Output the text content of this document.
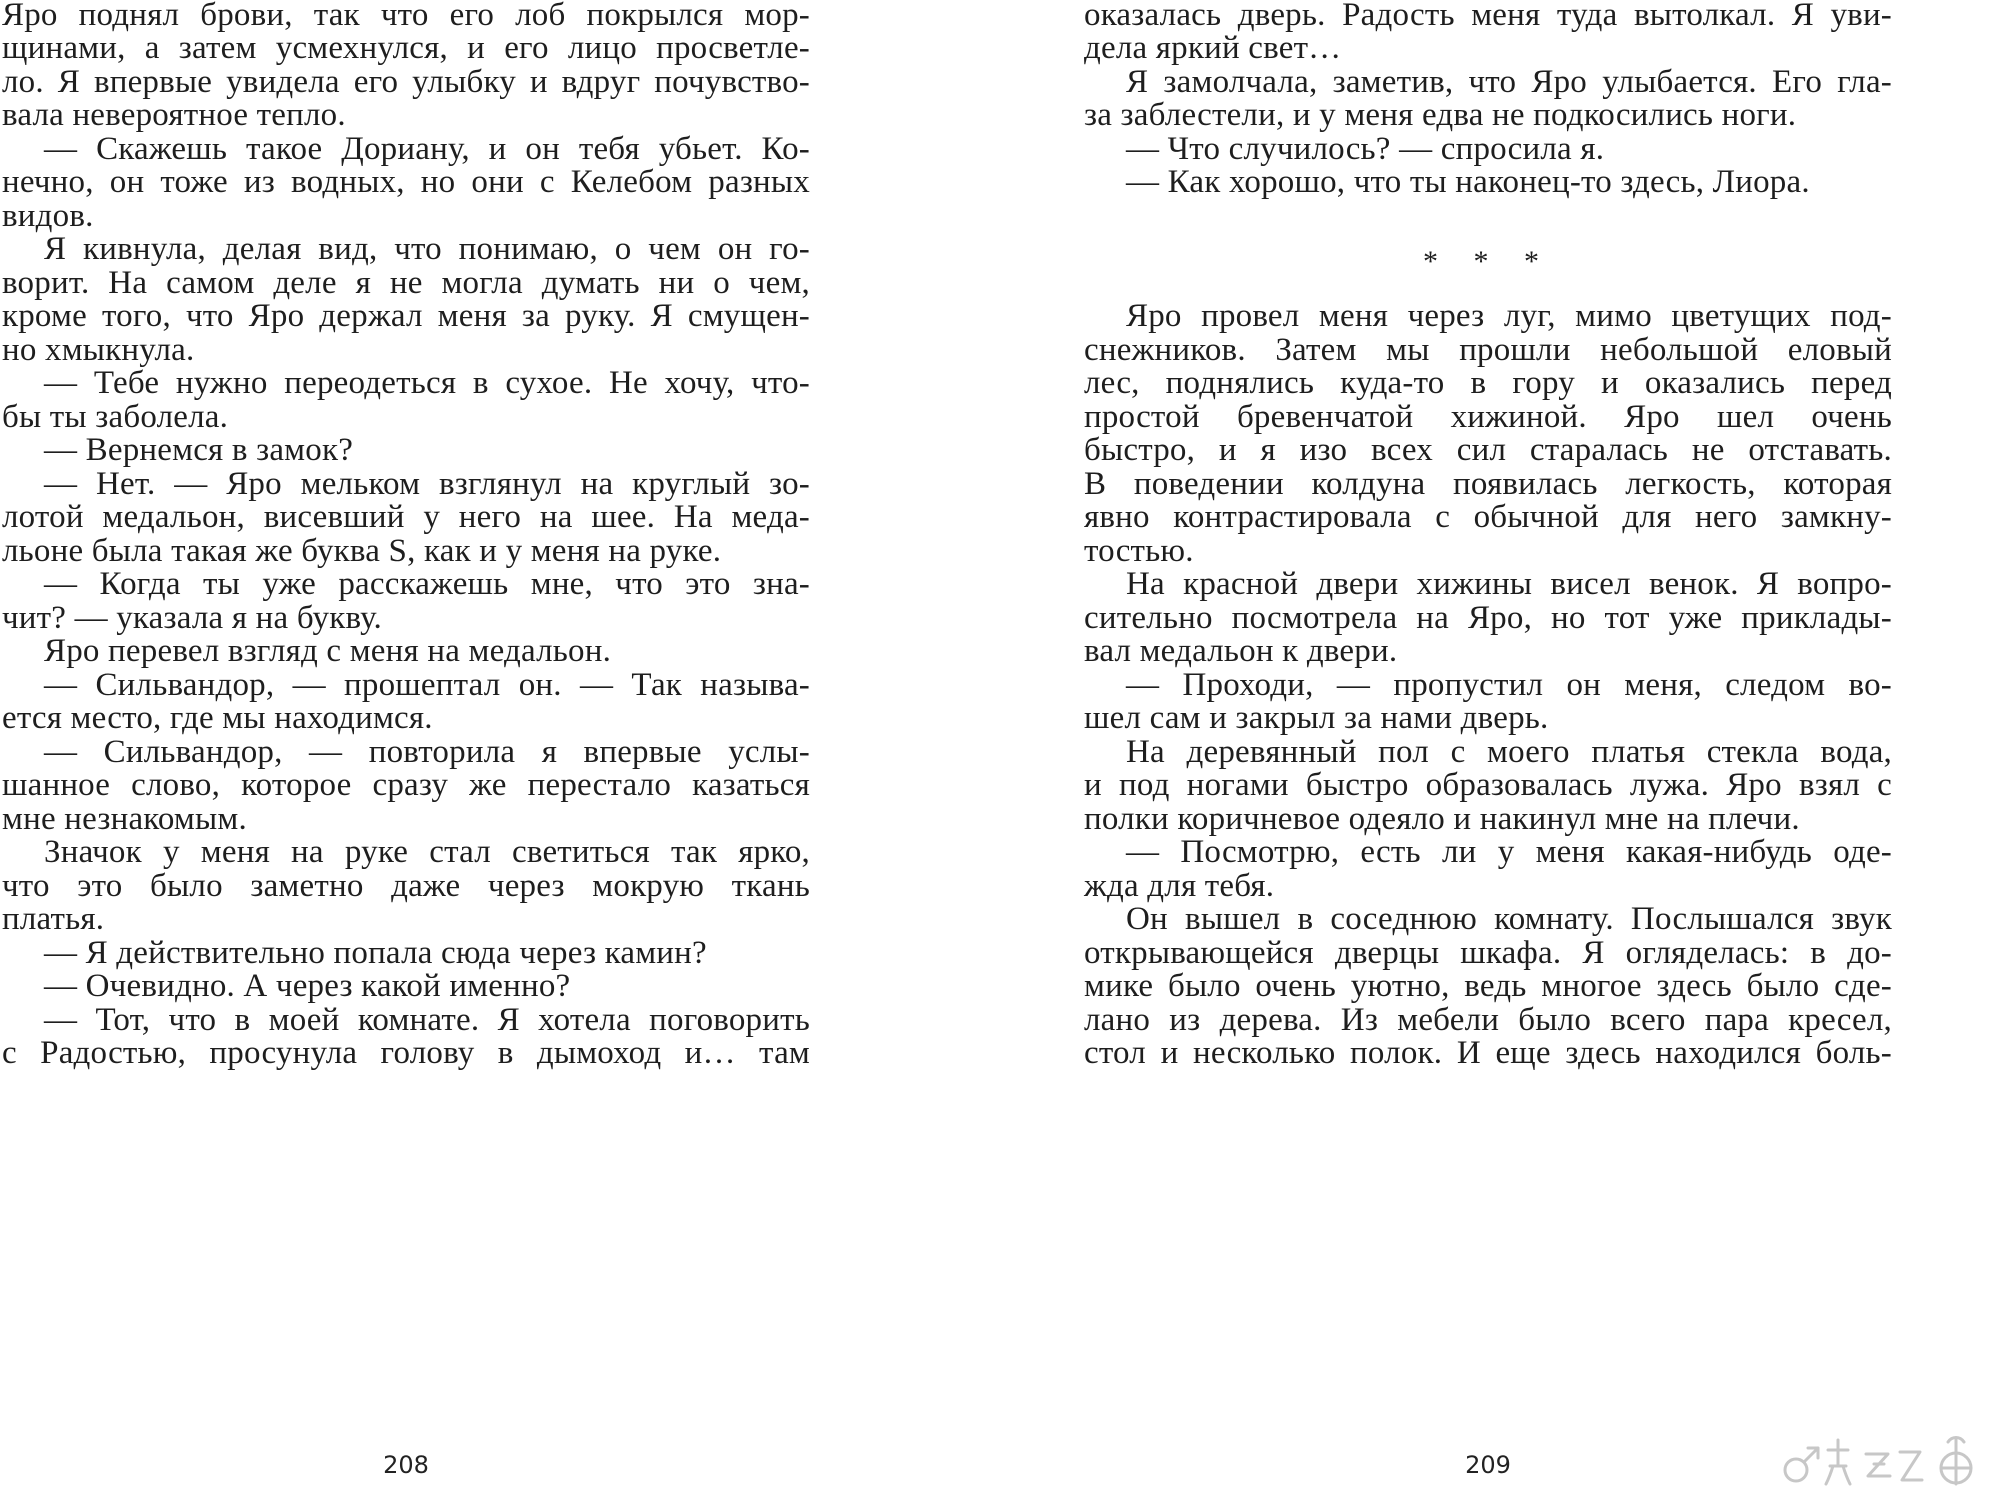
Яро поднял брови, так что его лоб покрылся мор-
щинами, а затем усмехнулся, и его лицо просветле-
ло. Я впервые увидела его улыбку и вдруг почувство-
вала невероятное тепло.
— Скажешь такое Дориану, и он тебя убьет. Ко-
нечно, он тоже из водных, но они с Келебом разных
видов.
Я кивнула, делая вид, что понимаю, о чем он го-
ворит. На самом деле я не могла думать ни о чем,
кроме того, что Яро держал меня за руку. Я смущен-
но хмыкнула.
— Тебе нужно переодеться в сухое. Не хочу, что-
бы ты заболела.
— Вернемся в замок?
— Нет. — Яро мельком взглянул на круглый зо-
лотой медальон, висевший у него на шее. На меда-
льоне была такая же буква S, как и у меня на руке.
— Когда ты уже расскажешь мне, что это зна-
чит? — указала я на букву.
Яро перевел взгляд с меня на медальон.
— Сильвандор, — прошептал он. — Так называ-
ется место, где мы находимся.
— Сильвандор, — повторила я впервые услы-
шанное слово, которое сразу же перестало казаться
мне незнакомым.
Значок у меня на руке стал светиться так ярко,
что это было заметно даже через мокрую ткань
платья.
— Я действительно попала сюда через камин?
— Очевидно. А через какой именно?
— Тот, что в моей комнате. Я хотела поговорить
с Радостью, просунула голову в дымоход и… там
208
оказалась дверь. Радость меня туда вытолкал. Я уви-
дела яркий свет…
Я замолчала, заметив, что Яро улыбается. Его гла-
за заблестели, и у меня едва не подкосились ноги.
— Что случилось? — спросила я.
— Как хорошо, что ты наконец-то здесь, Лиора.
* * *
Яро провел меня через луг, мимо цветущих под-
снежников. Затем мы прошли небольшой еловый
лес, поднялись куда-то в гору и оказались перед
простой бревенчатой хижиной. Яро шел очень
быстро, и я изо всех сил старалась не отставать.
В поведении колдуна появилась легкость, которая
явно контрастировала с обычной для него замкну-
тостью.
На красной двери хижины висел венок. Я вопро-
сительно посмотрела на Яро, но тот уже приклады-
вал медальон к двери.
— Проходи, — пропустил он меня, следом во-
шел сам и закрыл за нами дверь.
На деревянный пол с моего платья стекла вода,
и под ногами быстро образовалась лужа. Яро взял с
полки коричневое одеяло и накинул мне на плечи.
— Посмотрю, есть ли у меня какая-нибудь оде-
жда для тебя.
Он вышел в соседнюю комнату. Послышался звук
открывающейся дверцы шкафа. Я огляделась: в до-
мике было очень уютно, ведь многое здесь было сде-
лано из дерева. Из мебели было всего пара кресел,
стол и несколько полок. И еще здесь находился боль-
209
